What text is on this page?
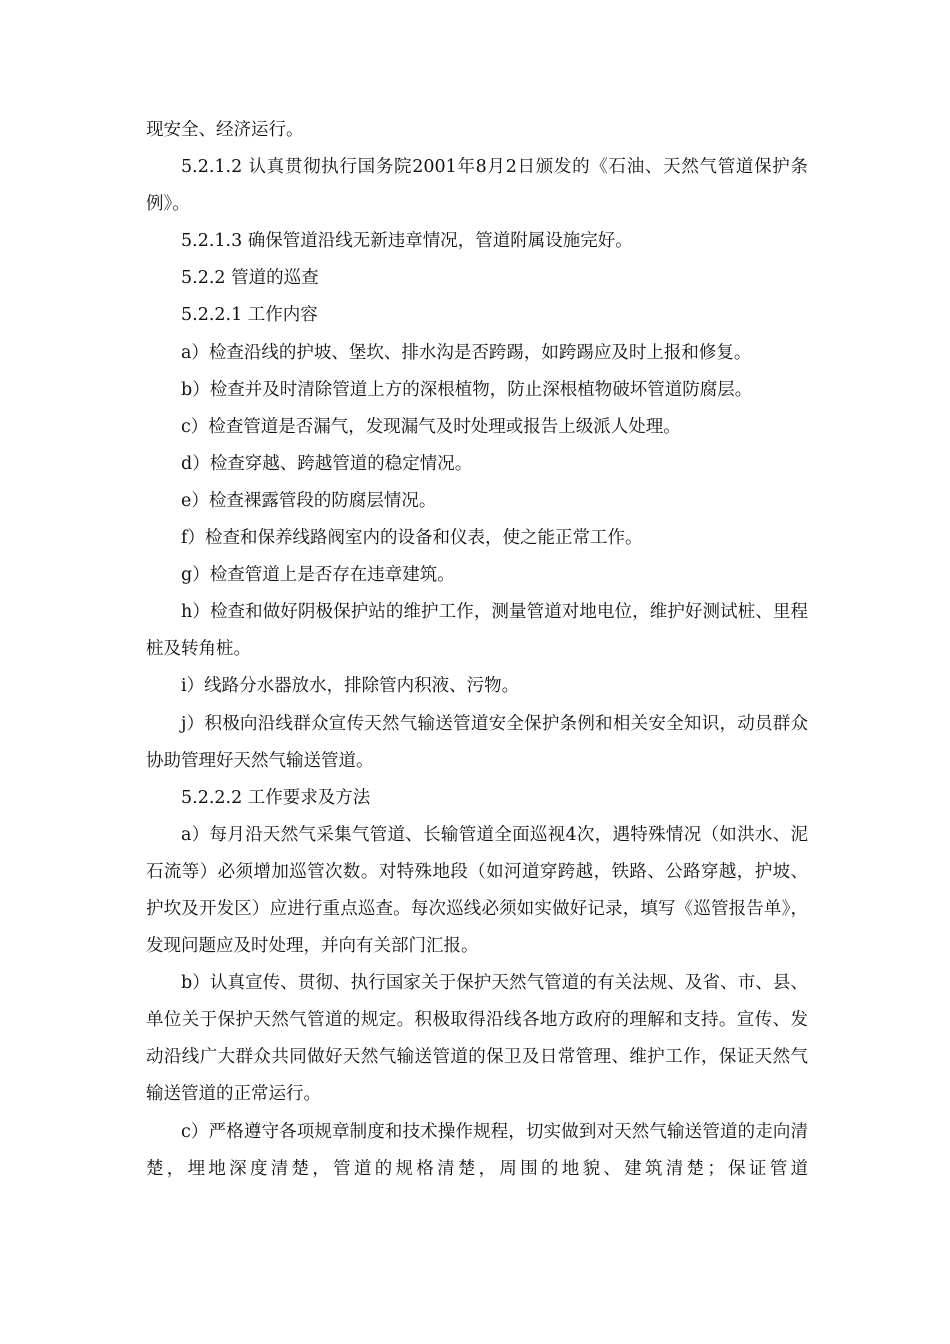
现安全、经济运行。

5.2.1.2 认真贯彻执行国务院2001年8月2日颁发的《石油、天然气管道保护条例》。

5.2.1.3 确保管道沿线无新违章情况，管道附属设施完好。

5.2.2 管道的巡查

5.2.2.1 工作内容

a）检查沿线的护坡、堡坎、排水沟是否跨踢，如跨踢应及时上报和修复。

b）检查并及时清除管道上方的深根植物，防止深根植物破坏管道防腐层。

c）检查管道是否漏气，发现漏气及时处理或报告上级派人处理。

d）检查穿越、跨越管道的稳定情况。

e）检查裸露管段的防腐层情况。

f）检查和保养线路阀室内的设备和仪表，使之能正常工作。

g）检查管道上是否存在违章建筑。

h）检查和做好阴极保护站的维护工作，测量管道对地电位，维护好测试桩、里程桩及转角桩。

i）线路分水器放水，排除管内积液、污物。

j）积极向沿线群众宣传天然气输送管道安全保护条例和相关安全知识，动员群众协助管理好天然气输送管道。

5.2.2.2 工作要求及方法

a）每月沿天然气采集气管道、长输管道全面巡视4次，遇特殊情况（如洪水、泥石流等）必须增加巡管次数。对特殊地段（如河道穿跨越，铁路、公路穿越，护坡、护坎及开发区）应进行重点巡查。每次巡线必须如实做好记录，填写《巡管报告单》，发现问题应及时处理，并向有关部门汇报。

b）认真宣传、贯彻、执行国家关于保护天然气管道的有关法规、及省、市、县、单位关于保护天然气管道的规定。积极取得沿线各地方政府的理解和支持。宣传、发动沿线广大群众共同做好天然气输送管道的保卫及日常管理、维护工作，保证天然气输送管道的正常运行。

c）严格遵守各项规章制度和技术操作规程，切实做到对天然气输送管道的走向清楚，埋地深度清楚，管道的规格清楚，周围的地貌、建筑清楚；保证管道
